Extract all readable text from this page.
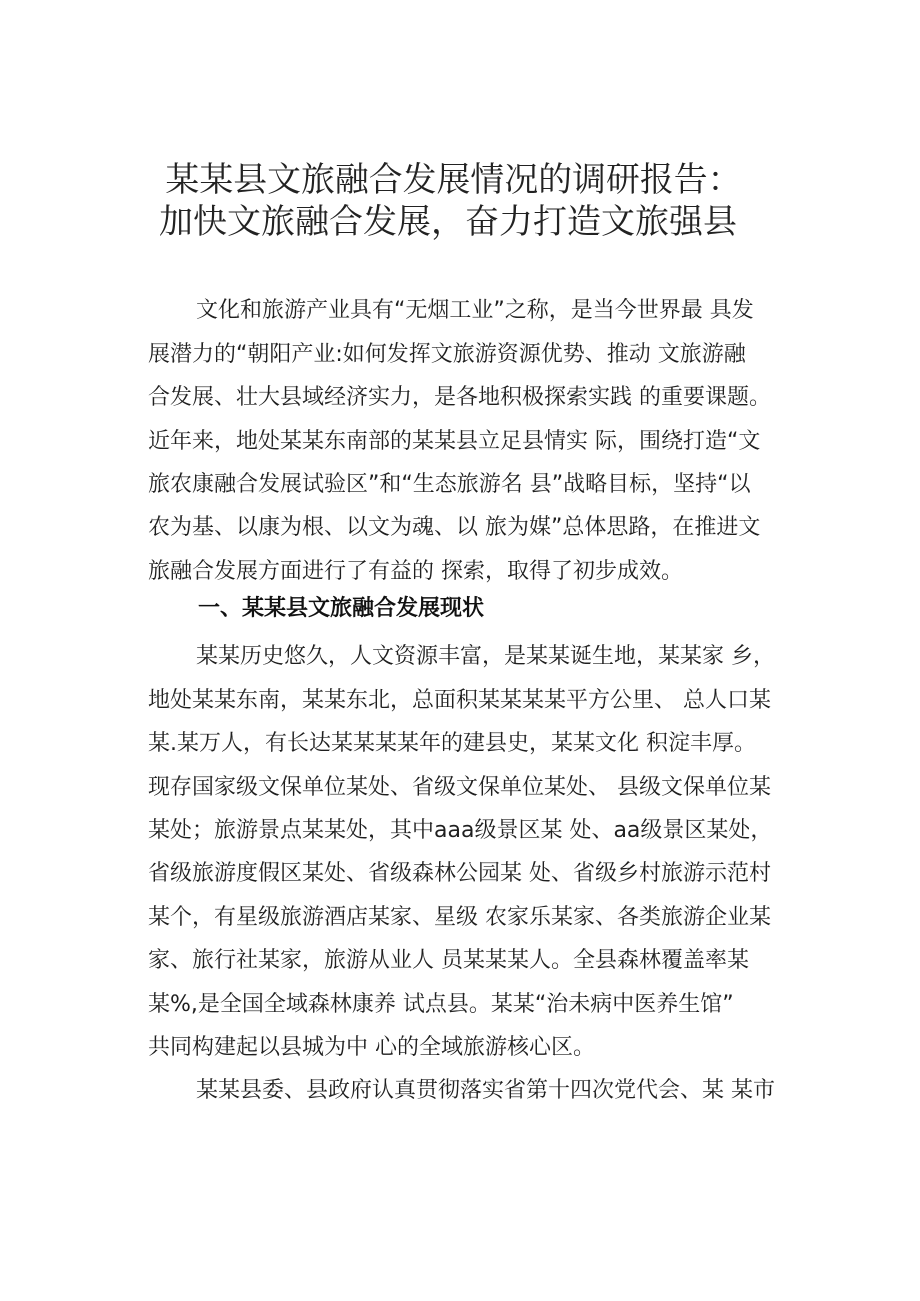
某某县文旅融合发展情况的调研报告：
加快文旅融合发展，奋力打造文旅强县
文化和旅游产业具有“无烟工业”之称，是当今世界最 具发
展潜力的“朝阳产业:如何发挥文旅游资源优势、推动 文旅游融
合发展、壮大县域经济实力，是各地积极探索实践 的重要课题。
近年来，地处某某东南部的某某县立足县情实 际，围绕打造“文
旅农康融合发展试验区”和“生态旅游名 县”战略目标，坚持“以
农为基、以康为根、以文为魂、以 旅为媒”总体思路，在推进文
旅融合发展方面进行了有益的 探索，取得了初步成效。
一、某某县文旅融合发展现状
某某历史悠久，人文资源丰富，是某某诞生地，某某家 乡，
地处某某东南，某某东北，总面积某某某某平方公里、 总人口某
某.某万人，有长达某某某某年的建县史，某某文化 积淀丰厚。
现存国家级文保单位某处、省级文保单位某处、 县级文保单位某
某处；旅游景点某某处，其中aaa级景区某 处、aa级景区某处，
省级旅游度假区某处、省级森林公园某 处、省级乡村旅游示范村
某个，有星级旅游酒店某家、星级 农家乐某家、各类旅游企业某
家、旅行社某家，旅游从业人 员某某某人。全县森林覆盖率某
某%,是全国全域森林康养 试点县。某某“治未病中医养生馆”
共同构建起以县城为中 心的全域旅游核心区。
某某县委、县政府认真贯彻落实省第十四次党代会、某 某市
